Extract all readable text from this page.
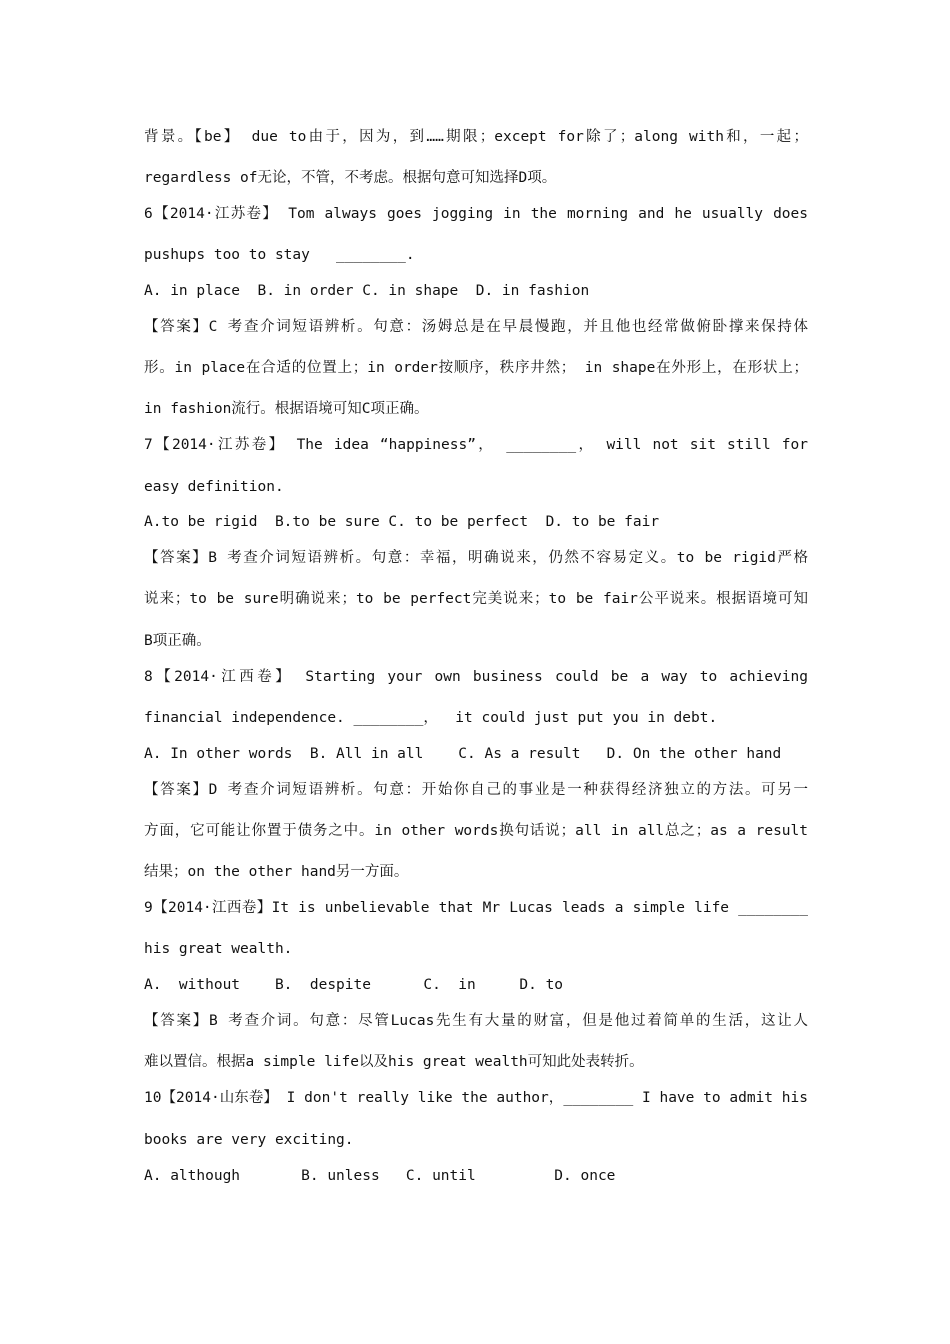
背景。【be】 due to由于，因为，到……期限；except for除了；along with和，一起；
regardless of无论，不管，不考虑。根据句意可知选择D项。
6【2014·江苏卷】 Tom always goes jogging in the morning and he usually does
pushups too to stay   ________.
A. in place  B. in order C. in shape  D. in fashion
【答案】C 考查介词短语辨析。句意：汤姆总是在早晨慢跑，并且他也经常做俯卧撑来保持体
形。in place在合适的位置上；in order按顺序，秩序井然； in shape在外形上，在形状上；
in fashion流行。根据语境可知C项正确。
7【2014·江苏卷】 The idea “happiness”， ________， will not sit still for
easy definition.
A.to be rigid  B.to be sure C. to be perfect  D. to be fair
【答案】B 考查介词短语辨析。句意：幸福，明确说来，仍然不容易定义。to be rigid严格
说来；to be sure明确说来；to be perfect完美说来；to be fair公平说来。根据语境可知
B项正确。
8【2014·江西卷】 Starting your own business could be a way to achieving
financial independence. ________，  it could just put you in debt.
A. In other words  B. All in all    C. As a result   D. On the other hand
【答案】D 考查介词短语辨析。句意：开始你自己的事业是一种获得经济独立的方法。可另一
方面，它可能让你置于债务之中。in other words换句话说；all in all总之；as a result
结果；on the other hand另一方面。
9【2014·江西卷】It is unbelievable that Mr Lucas leads a simple life ________
his great wealth.
A.  without    B.  despite      C.  in     D. to
【答案】B 考查介词。句意：尽管Lucas先生有大量的财富，但是他过着简单的生活，这让人
难以置信。根据a simple life以及his great wealth可知此处表转折。
10【2014·山东卷】 I don't really like the author，________ I have to admit his
books are very exciting.
A. although       B. unless   C. until         D. once
